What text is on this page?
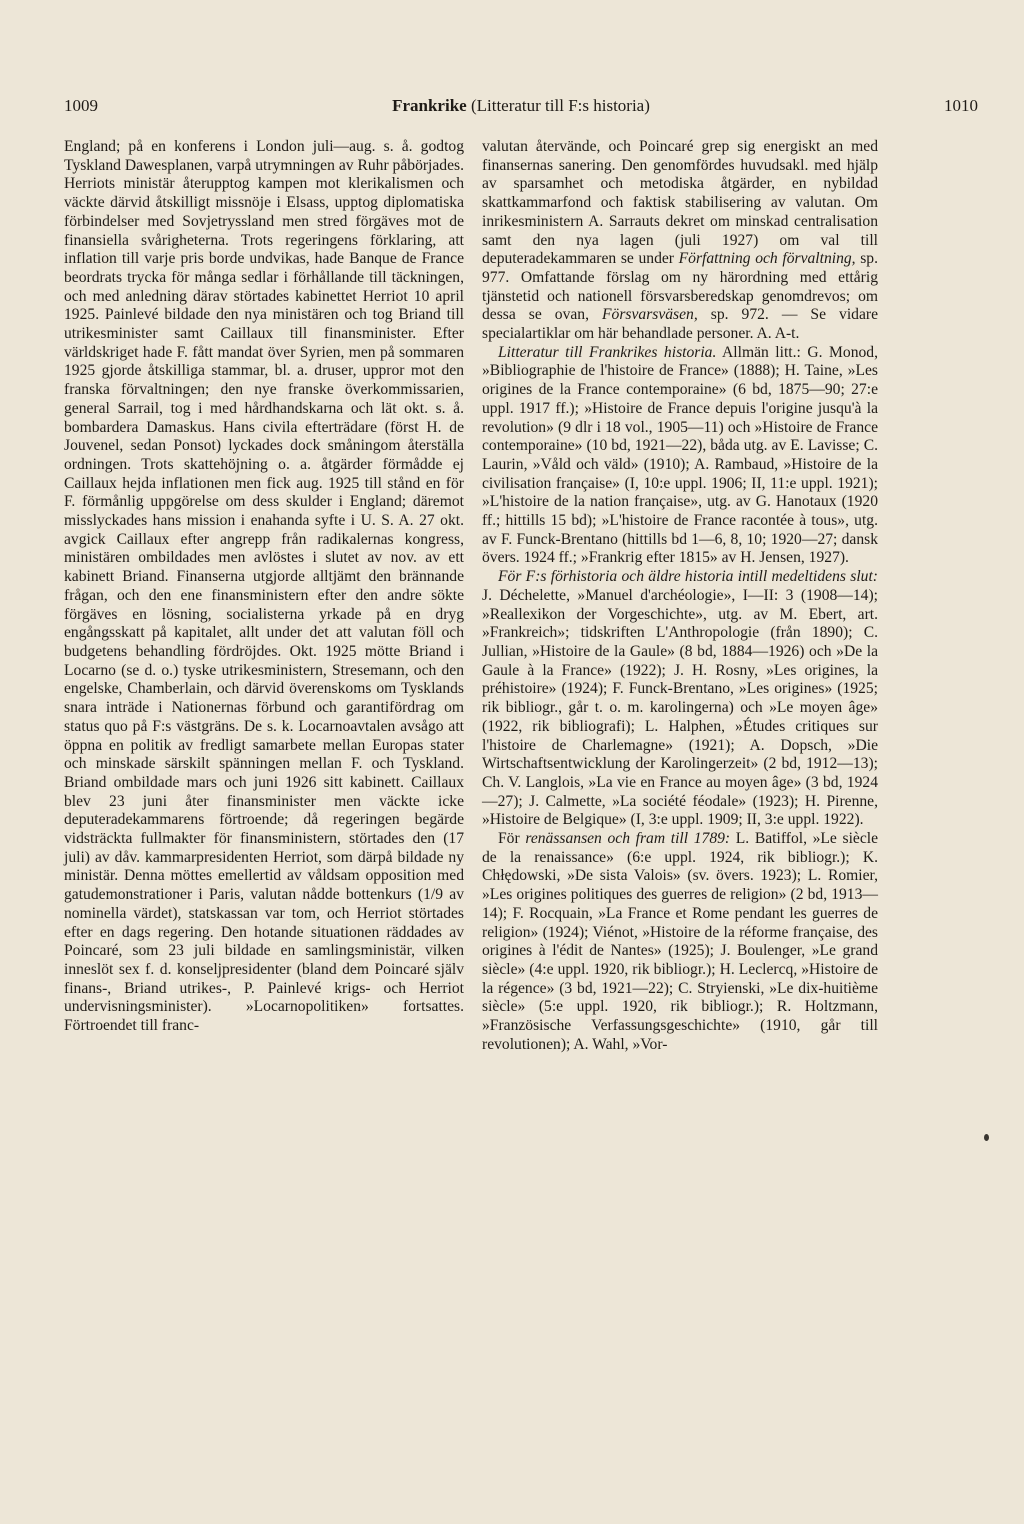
1009	Frankrike (Litteratur till F:s historia)	1010

England; på en konferens i London juli—aug. s. å. godtog Tyskland Dawesplanen, varpå utrymningen av Ruhr påbörjades. Herriots ministär återupptog kampen mot klerikalismen och väckte därvid åtskilligt missnöje i Elsass, upptog diplomatiska förbindelser med Sovjetryssland men stred förgäves mot de finansiella svårigheterna. Trots regeringens förklaring, att inflation till varje pris borde undvikas, hade Banque de France beordrats trycka för många sedlar i förhållande till täckningen, och med anledning därav störtades kabinettet Herriot 10 april 1925. Painlevé bildade den nya ministären och tog Briand till utrikesminister samt Caillaux till finansminister. Efter världskriget hade F. fått mandat över Syrien, men på sommaren 1925 gjorde åtskilliga stammar, bl. a. druser, uppror mot den franska förvaltningen; den nye franske överkommissarien, general Sarrail, tog i med hårdhandskarna och lät okt. s. å. bombardera Damaskus. Hans civila efterträdare (först H. de Jouvenel, sedan Ponsot) lyckades dock småningom återställa ordningen. Trots skattehöjning o. a. åtgärder förmådde ej Caillaux hejda inflationen men fick aug. 1925 till stånd en för F. förmånlig uppgörelse om dess skulder i England; däremot misslyckades hans mission i enahanda syfte i U. S. A. 27 okt. avgick Caillaux efter angrepp från radikalernas kongress, ministären ombildades men avlöstes i slutet av nov. av ett kabinett Briand. Finanserna utgjorde alltjämt den brännande frågan, och den ene finansministern efter den andre sökte förgäves en lösning, socialisterna yrkade på en dryg engångsskatt på kapitalet, allt under det att valutan föll och budgetens behandling fördröjdes. Okt. 1925 mötte Briand i Locarno (se d. o.) tyske utrikesministern, Stresemann, och den engelske, Chamberlain, och därvid överenskoms om Tysklands snara inträde i Nationernas förbund och garantifördrag om status quo på F:s västgräns. De s. k. Locarnoavtalen avsågo att öppna en politik av fredligt samarbete mellan Europas stater och minskade särskilt spänningen mellan F. och Tyskland. Briand ombildade mars och juni 1926 sitt kabinett. Caillaux blev 23 juni åter finansminister men väckte icke deputeradekammarens förtroende; då regeringen begärde vidsträckta fullmakter för finansministern, störtades den (17 juli) av dåv. kammarpresidenten Herriot, som därpå bildade ny ministär. Denna möttes emellertid av våldsam opposition med gatudemonstrationer i Paris, valutan nådde bottenkurs (1/9 av nominella värdet), statskassan var tom, och Herriot störtades efter en dags regering. Den hotande situationen räddades av Poincaré, som 23 juli bildade en samlingsministär, vilken inneslöt sex f. d. konseljpresidenter (bland dem Poincaré själv finans-, Briand utrikes-, P. Painlevé krigs- och Herriot undervisningsminister). »Locarnopolitiken» fortsattes. Förtroendet till franc-

valutan återvände, och Poincaré grep sig energiskt an med finansernas sanering. Den genomfördes huvudsakl. med hjälp av sparsamhet och metodiska åtgärder, en nybildad skattkammarfond och faktisk stabilisering av valutan. Om inrikesministern A. Sarrauts dekret om minskad centralisation samt den nya lagen (juli 1927) om val till deputeradekammaren se under Författning och förvaltning, sp. 977. Omfattande förslag om ny härordning med ettårig tjänstetid och nationell försvarsberedskap genomdrevos; om dessa se ovan, Försvarsväsen, sp. 972. — Se vidare specialartiklar om här behandlade personer. A. A-t.

Litteratur till Frankrikes historia. Allmän litt.: G. Monod, »Bibliographie de l'histoire de France» (1888); H. Taine, »Les origines de la France contemporaine» (6 bd, 1875—90; 27:e uppl. 1917 ff.); »Histoire de France depuis l'origine jusqu'à la revolution» (9 dlr i 18 vol., 1905—11) och »Histoire de France contemporaine» (10 bd, 1921—22), båda utg. av E. Lavisse; C. Laurin, »Våld och väld» (1910); A. Rambaud, »Histoire de la civilisation française» (I, 10:e uppl. 1906; II, 11:e uppl. 1921); »L'histoire de la nation française», utg. av G. Hanotaux (1920 ff.; hittills 15 bd); »L'histoire de France racontée à tous», utg. av F. Funck-Brentano (hittills bd 1—6, 8, 10; 1920—27; dansk övers. 1924 ff.; »Frankrig efter 1815» av H. Jensen, 1927).

För F:s förhistoria och äldre historia intill medeltidens slut: J. Déchelette, »Manuel d'archéologie», I—II: 3 (1908—14); »Reallexikon der Vorgeschichte», utg. av M. Ebert, art. »Frankreich»; tidskriften L'Anthropologie (från 1890); C. Jullian, »Histoire de la Gaule» (8 bd, 1884—1926) och »De la Gaule à la France» (1922); J. H. Rosny, »Les origines, la préhistoire» (1924); F. Funck-Brentano, »Les origines» (1925; rik bibliogr., går t. o. m. karolingerna) och »Le moyen âge» (1922, rik bibliografi); L. Halphen, »Études critiques sur l'histoire de Charlemagne» (1921); A. Dopsch, »Die Wirtschaftsentwicklung der Karolingerzeit» (2 bd, 1912—13); Ch. V. Langlois, »La vie en France au moyen âge» (3 bd, 1924—27); J. Calmette, »La société féodale» (1923); H. Pirenne, »Histoire de Belgique» (I, 3:e uppl. 1909; II, 3:e uppl. 1922).

För renässansen och fram till 1789: L. Batiffol, »Le siècle de la renaissance» (6:e uppl. 1924, rik bibliogr.); K. Chłędowski, »De sista Valois» (sv. övers. 1923); L. Romier, »Les origines politiques des guerres de religion» (2 bd, 1913—14); F. Rocquain, »La France et Rome pendant les guerres de religion» (1924); Viénot, »Histoire de la réforme française, des origines à l'édit de Nantes» (1925); J. Boulenger, »Le grand siècle» (4:e uppl. 1920, rik bibliogr.); H. Leclercq, »Histoire de la régence» (3 bd, 1921—22); C. Stryienski, »Le dix-huitième siècle» (5:e uppl. 1920, rik bibliogr.); R. Holtzmann, »Französische Verfassungsgeschichte» (1910, går till revolutionen); A. Wahl, »Vor-
